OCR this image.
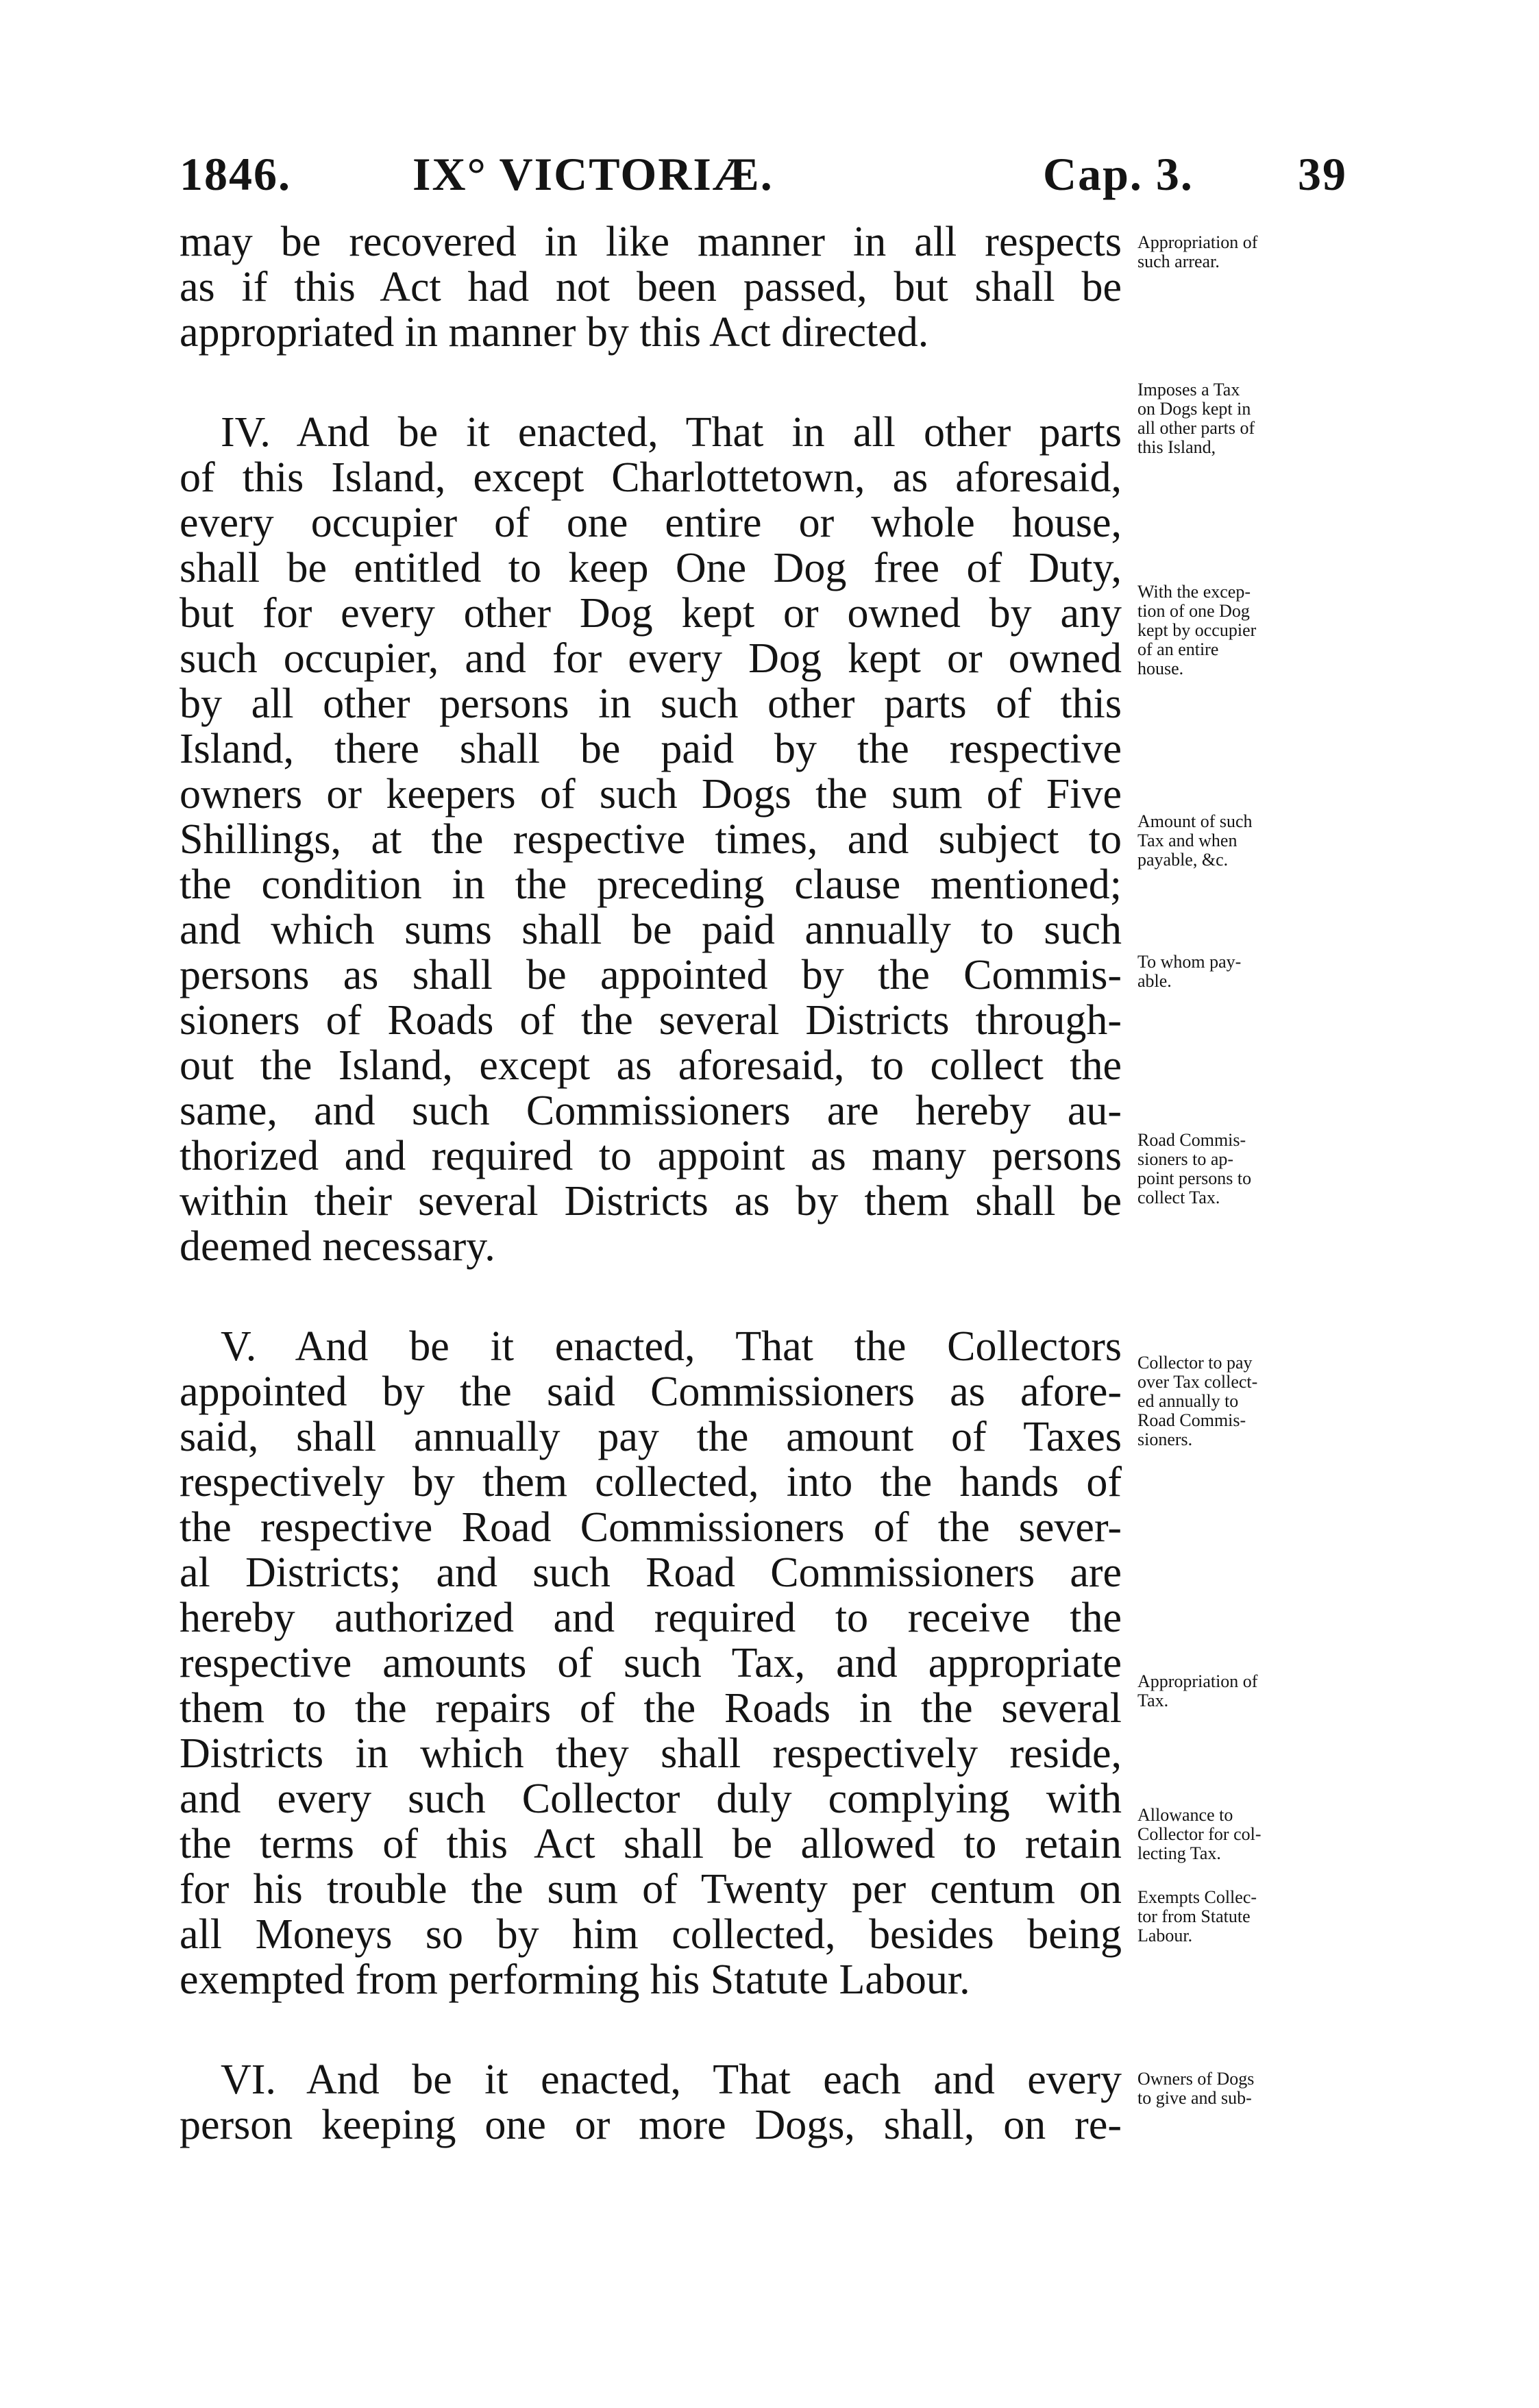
1846.	IX° VICTORIÆ.	Cap. 3. 39

may be recovered in like manner in all respects
as if this Act had not been passed, but shall be
appropriated in manner by this Act directed.

IV. And be it enacted, That in all other parts
of this Island, except Charlottetown, as aforesaid,
every occupier of one entire or whole house,
shall be entitled to keep One Dog free of Duty,
but for every other Dog kept or owned by any
such occupier, and for every Dog kept or owned
by all other persons in such other parts of this
Island, there shall be paid by the respective
owners or keepers of such Dogs the sum of Five
Shillings, at the respective times, and subject to
the condition in the preceding clause mentioned;
and which sums shall be paid annually to such
persons as shall be appointed by the Commis-
sioners of Roads of the several Districts through-
out the Island, except as aforesaid, to collect the
same, and such Commissioners are hereby au-
thorized and required to appoint as many persons
within their several Districts as by them shall be
deemed necessary.

V. And be it enacted, That the Collectors
appointed by the said Commissioners as afore-
said, shall annually pay the amount of Taxes
respectively by them collected, into the hands of
the respective Road Commissioners of the sever-
al Districts; and such Road Commissioners are
hereby authorized and required to receive the
respective amounts of such Tax, and appropriate
them to the repairs of the Roads in the several
Districts in which they shall respectively reside,
and every such Collector duly complying with
the terms of this Act shall be allowed to retain
for his trouble the sum of Twenty per centum on
all Moneys so by him collected, besides being
exempted from performing his Statute Labour.

VI. And be it enacted, That each and every
person keeping one or more Dogs, shall, on re-

Appropriation of
such arrear.
Imposes a Tax
on Dogs kept in
all other parts of
this Island,
With the excep-
tion of one Dog
kept by occupier
of an entire
house.
Amount of such
Tax and when
payable, &c.
To whom pay-
able.
Road Commis-
sioners to ap-
point persons to
collect Tax.
Collector to pay
over Tax collect-
ed annually to
Road Commis-
sioners.
Appropriation of
Tax.
Allowance to
Collector for col-
lecting Tax.
Exempts Collec-
tor from Statute
Labour.
Owners of Dogs
to give and sub-
